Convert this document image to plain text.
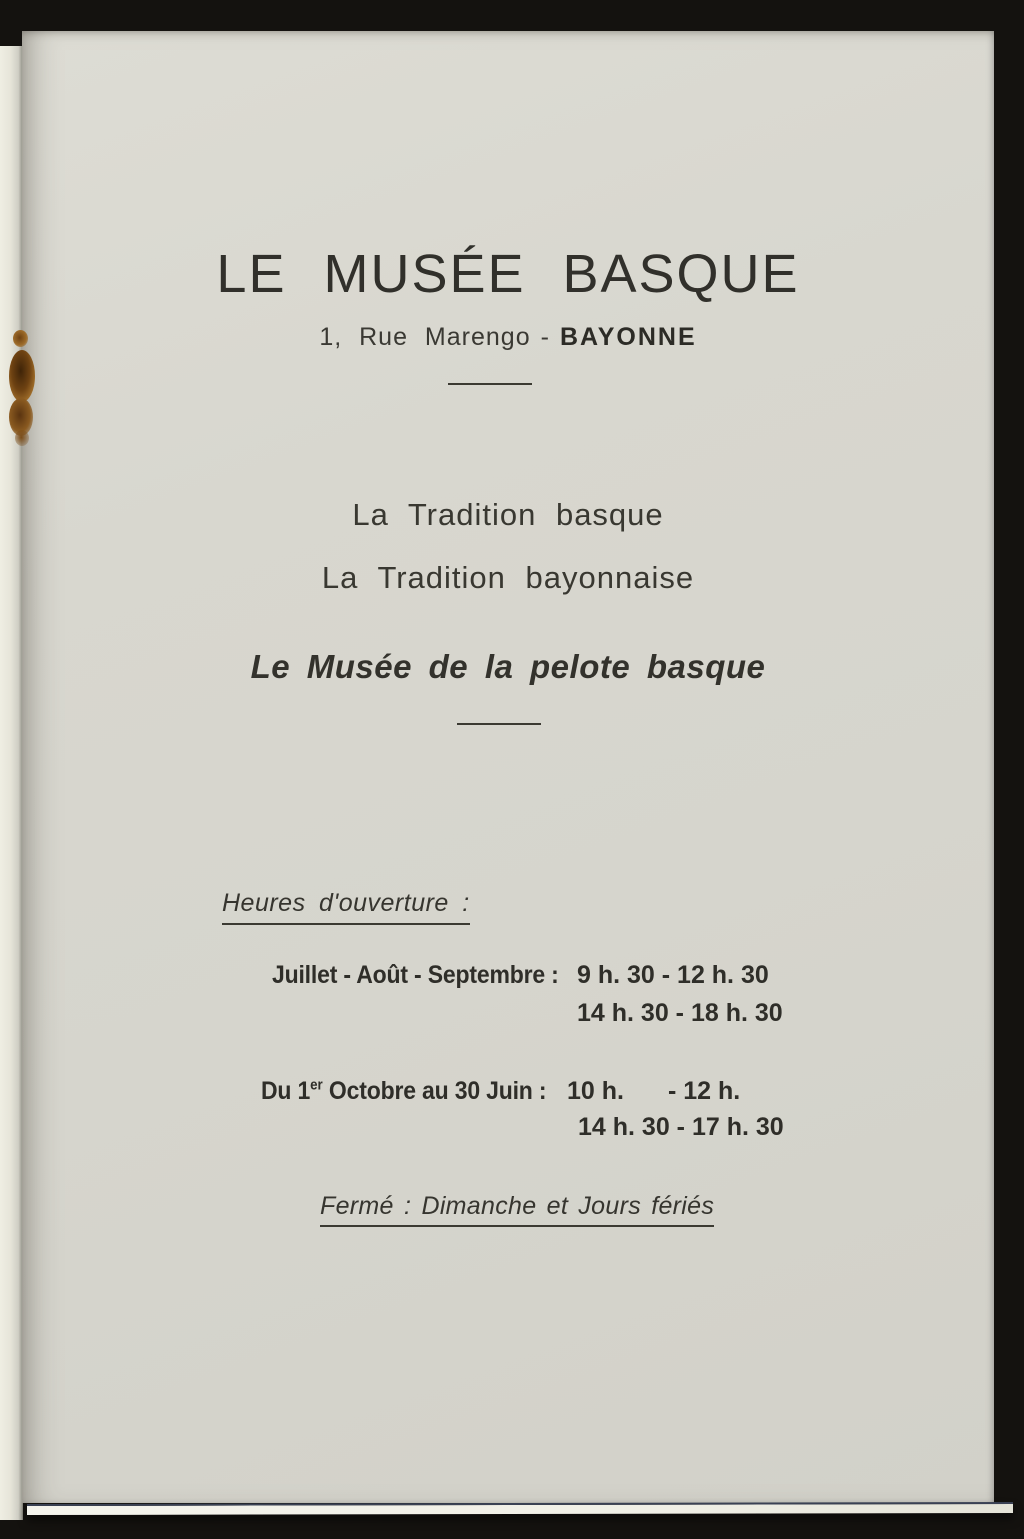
LE MUSÉE BASQUE
1, Rue Marengo - BAYONNE
La Tradition basque
La Tradition bayonnaise
Le Musée de la pelote basque
Heures d'ouverture :
Juillet - Août - Septembre : 9 h. 30 - 12 h. 30
14 h. 30 - 18 h. 30
Du 1er Octobre au 30 Juin : 10 h. - 12 h.
14 h. 30 - 17 h. 30
Fermé : Dimanche et Jours fériés
